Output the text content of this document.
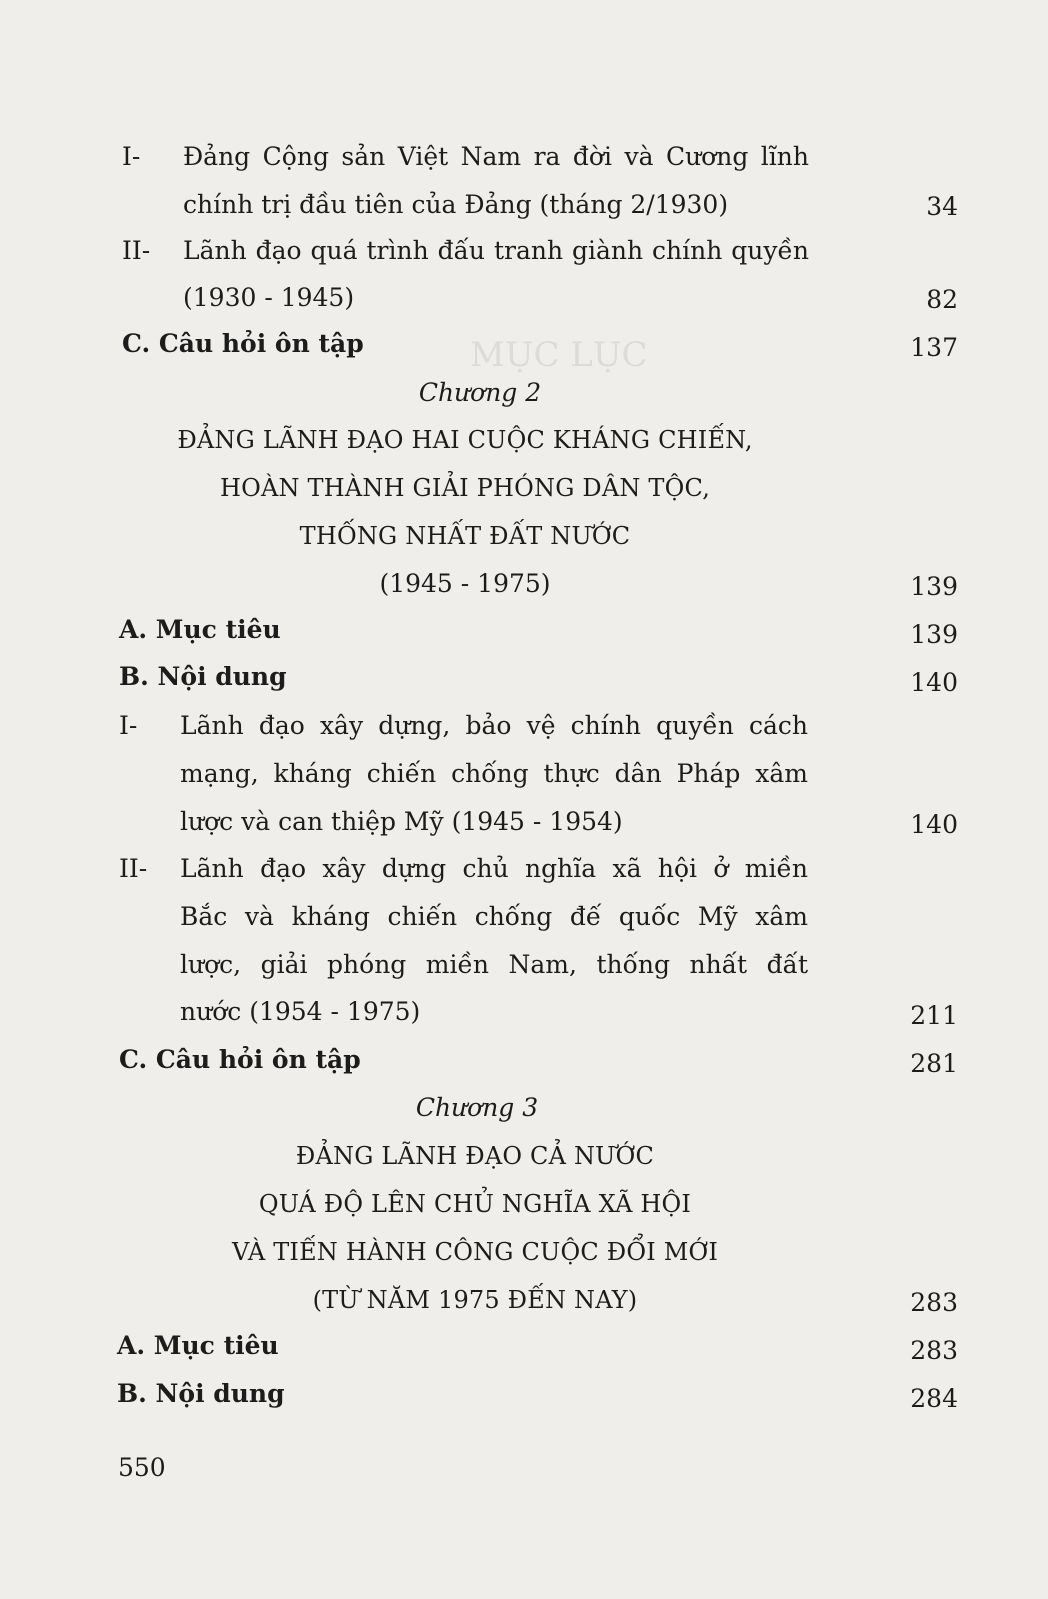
MỤC LỤC
I- Đảng Cộng sản Việt Nam ra đời và Cương lĩnh
chính trị đầu tiên của Đảng (tháng 2/1930)	34
II- Lãnh đạo quá trình đấu tranh giành chính quyền
(1930 - 1945)	82
C. Câu hỏi ôn tập	137
Chương 2
ĐẢNG LÃNH ĐẠO HAI CUỘC KHÁNG CHIẾN,
HOÀN THÀNH GIẢI PHÓNG DÂN TỘC,
THỐNG NHẤT ĐẤT NƯỚC
(1945 - 1975)	139
A. Mục tiêu	139
B. Nội dung	140
I- Lãnh đạo xây dựng, bảo vệ chính quyền cách
mạng, kháng chiến chống thực dân Pháp xâm
lược và can thiệp Mỹ (1945 - 1954)	140
II- Lãnh đạo xây dựng chủ nghĩa xã hội ở miền
Bắc và kháng chiến chống đế quốc Mỹ xâm
lược, giải phóng miền Nam, thống nhất đất
nước (1954 - 1975)	211
C. Câu hỏi ôn tập	281
Chương 3
ĐẢNG LÃNH ĐẠO CẢ NƯỚC
QUÁ ĐỘ LÊN CHỦ NGHĨA XÃ HỘI
VÀ TIẾN HÀNH CÔNG CUỘC ĐỔI MỚI
(TỪ NĂM 1975 ĐẾN NAY)	283
A. Mục tiêu	283
B. Nội dung	284
550
